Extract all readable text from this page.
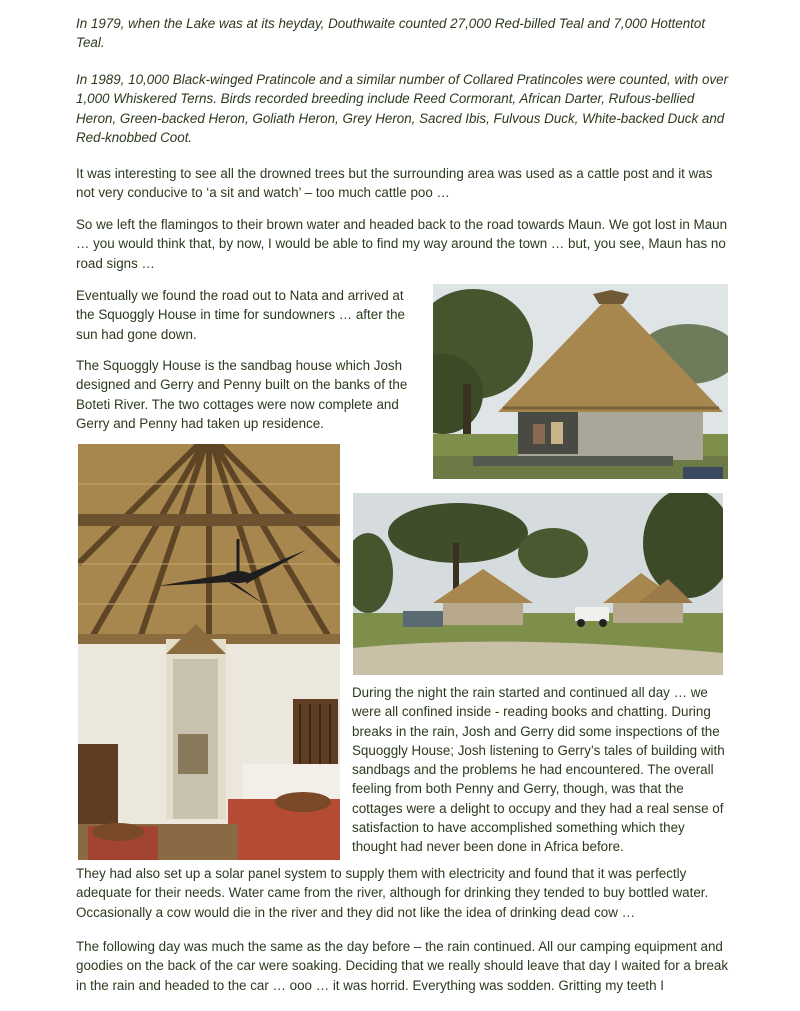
In 1979, when the Lake was at its heyday, Douthwaite counted 27,000 Red-billed Teal and 7,000 Hottentot Teal.

In 1989, 10,000 Black-winged Pratincole and a similar number of Collared Pratincoles were counted, with over 1,000 Whiskered Terns. Birds recorded breeding include Reed Cormorant, African Darter, Rufous-bellied Heron, Green-backed Heron, Goliath Heron, Grey Heron, Sacred Ibis, Fulvous Duck, White-backed Duck and Red-knobbed Coot.

It was interesting to see all the drowned trees but the surrounding area was used as a cattle post and it was not very conducive to ‘a sit and watch’ – too much cattle poo …

So we left the flamingos to their brown water and headed back to the road towards Maun. We got lost in Maun … you would think that, by now, I would be able to find my way around the town … but, you see, Maun has no road signs …

Eventually we found the road out to Nata and arrived at the Squoggly House in time for sundowners … after the sun had gone down.

The Squoggly House is the sandbag house which Josh designed and Gerry and Penny built on the banks of the Boteti River. The two cottages were now complete and Gerry and Penny had taken up residence.

During the night the rain started and continued all day … we were all confined inside - reading books and chatting. During breaks in the rain, Josh and Gerry did some inspections of the Squoggly House; Josh listening to Gerry’s tales of building with sandbags and the problems he had encountered. The overall feeling from both Penny and Gerry, though, was that the cottages were a delight to occupy and they had a real sense of satisfaction to have accomplished something which they thought had never been done in Africa before.

They had also set up a solar panel system to supply them with electricity and found that it was perfectly adequate for their needs. Water came from the river, although for drinking they tended to buy bottled water. Occasionally a cow would die in the river and they did not like the idea of drinking dead cow …

The following day was much the same as the day before – the rain continued. All our camping equipment and goodies on the back of the car were soaking. Deciding that we really should leave that day I waited for a break in the rain and headed to the car … ooo … it was horrid. Everything was sodden. Gritting my teeth I
